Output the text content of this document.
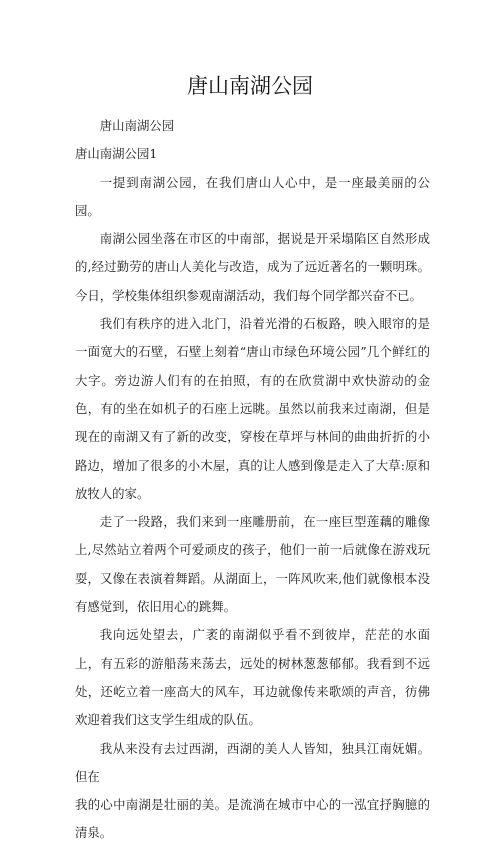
唐山南湖公园

唐山南湖公园

唐山南湖公园1

一提到南湖公园，在我们唐山人心中，是一座最美丽的公园。

南湖公园坐落在市区的中南部，据说是开采塌陷区自然形成的,经过勤劳的唐山人美化与改造，成为了远近著名的一颗明珠。今日，学校集体组织参观南湖活动，我们每个同学都兴奋不已。

我们有秩序的进入北门，沿着光滑的石板路，映入眼帘的是一面宽大的石壁，石壁上刻着“唐山市绿色环境公园”几个鲜红的大字。旁边游人们有的在拍照，有的在欣赏湖中欢快游动的金色，有的坐在如机子的石座上远眺。虽然以前我来过南湖，但是现在的南湖又有了新的改变，穿梭在草坪与林间的曲曲折折的小路边，增加了很多的小木屋，真的让人感到像是走入了大草:原和放牧人的家。

走了一段路，我们来到一座雕册前，在一座巨型莲藕的雕像上,尽然站立着两个可爱顽皮的孩子，他们一前一后就像在游戏玩耍，又像在表演着舞蹈。从湖面上，一阵风吹来,他们就像根本没有感觉到，依旧用心的跳舞。

我向远处望去，广袤的南湖似乎看不到彼岸，茫茫的水面上，有五彩的游船荡来荡去，远处的树林葱葱郁郁。我看到不远处，还屹立着一座高大的风车，耳边就像传来歌颂的声音，彷佛欢迎着我们这支学生组成的队伍。

我从来没有去过西湖，西湖的美人人皆知，独具江南妩媚。但在

我的心中南湖是壮丽的美。是流淌在城市中心的一泓宜抒胸臆的清泉。
